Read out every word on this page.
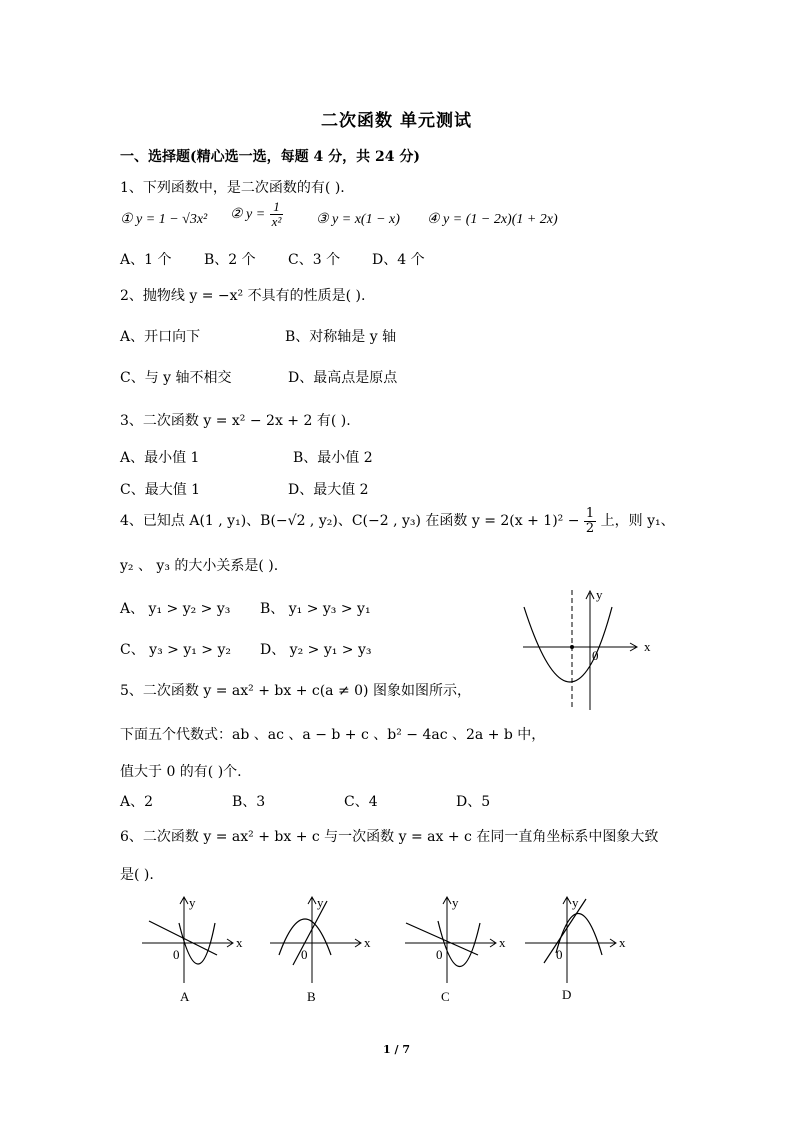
二次函数 单元测试
一、选择题(精心选一选，每题 4 分，共 24 分)
1、下列函数中，是二次函数的有( ).
① y = 1 − √3x² ② $y = \frac{1}{\text{x²}}$ ③ y = x(1 − x) ④ y = (1 − 2x)(1 + 2x)
A、1 个 B、2 个 C、3 个 D、4 个
2、抛物线 y = −x² 不具有的性质是( ).
A、开口向下	B、对称轴是 y 轴
C、与 y 轴不相交	D、最高点是原点
3、二次函数 y = x² − 2x + 2 有( ).
A、最小值 1	B、最小值 2
C、最大值 1	D、最大值 2
4、已知点 A(1 , y₁)、B(−√2 , y₂)、C(−2 , y₃) 在函数 $y = 2(x + 1)^2 - \frac{1}{2}$ 上，则 y₁、
y₂ 、 y₃ 的大小关系是( ).
A、 y₁ > y₂ > y₃ B、 y₁ > y₃ > y₁
C、 y₃ > y₁ > y₂ D、 y₂ > y₁ > y₃
y
x
0
5、二次函数 y = ax² + bx + c(a ≠ 0) 图象如图所示，
下面五个代数式：ab 、ac 、a − b + c 、b² − 4ac 、2a + b 中，
值大于 0 的有( )个.
A、2	B、3	C、4	D、5
6、二次函数 y = ax² + bx + c 与一次函数 y = ax + c 在同一直角坐标系中图象大致
是( ).
y
x
0
A
y
x
0
B
y
x
0
C
y
x
0
D
1 / 7
